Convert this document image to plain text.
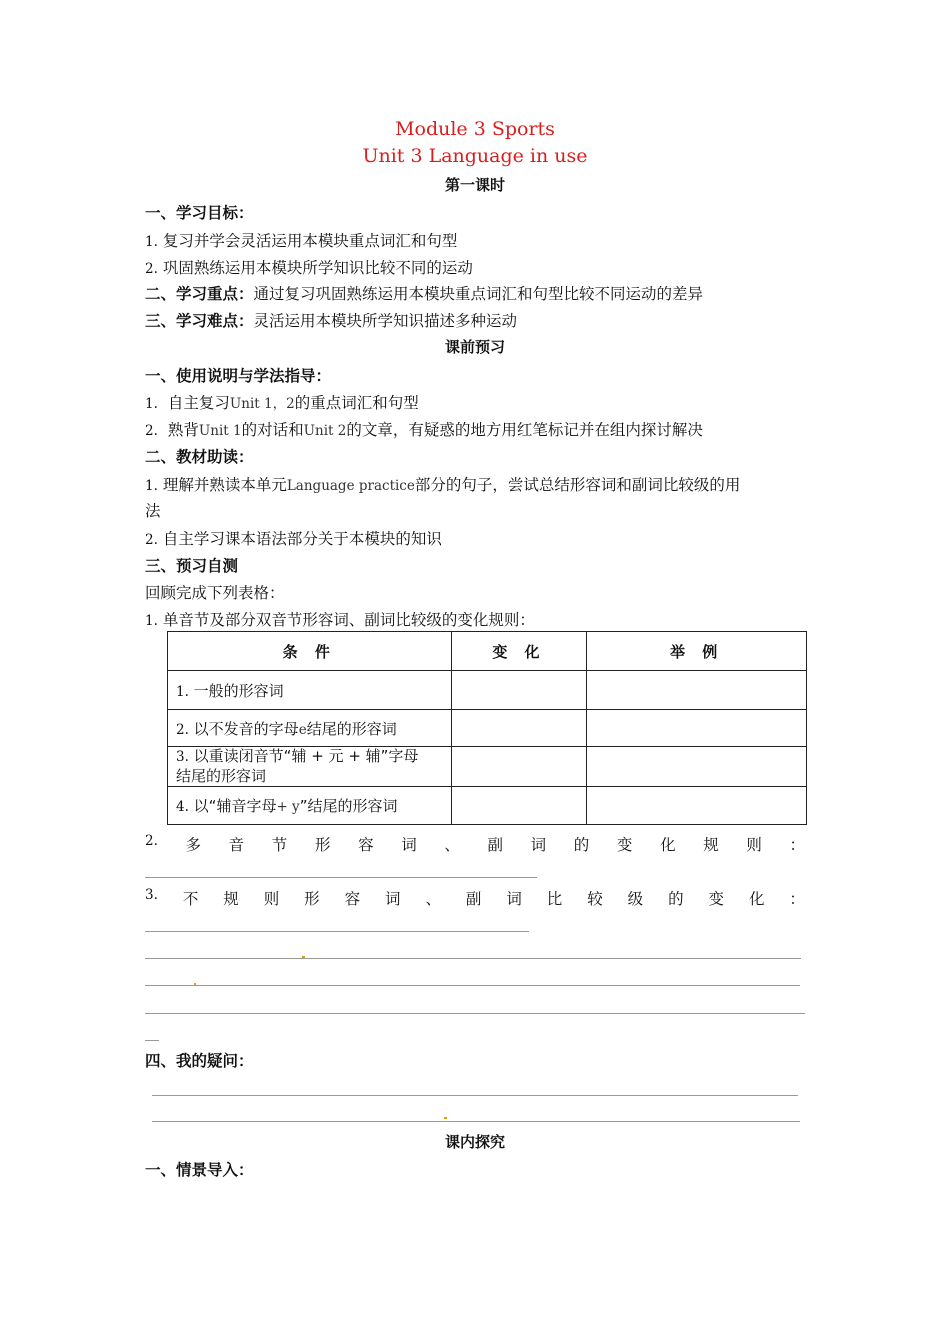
Module 3 Sports
Unit 3 Language in use
第一课时
一、学习目标：
1. 复习并学会灵活运用本模块重点词汇和句型
2. 巩固熟练运用本模块所学知识比较不同的运动
二、学习重点：通过复习巩固熟练运用本模块重点词汇和句型比较不同运动的差异
三、学习难点：灵活运用本模块所学知识描述多种运动
课前预习
一、使用说明与学法指导：
1. 自主复习Unit 1，2的重点词汇和句型
2. 熟背Unit 1的对话和Unit 2的文章，有疑惑的地方用红笔标记并在组内探讨解决
二、教材助读：
1. 理解并熟读本单元Language practice部分的句子，尝试总结形容词和副词比较级的用
法
2. 自主学习课本语法部分关于本模块的知识
三、预习自测
回顾完成下列表格：
1. 单音节及部分双音节形容词、副词比较级的变化规则：
条 件	变 化	举 例
1. 一般的形容词		
2. 以不发音的字母e结尾的形容词		
3. 以重读闭音节“辅 + 元 + 辅”字母
结尾的形容词		
4. 以“辅音字母+ y”结尾的形容词		
2. 多 音 节 形 容 词 、 副 词 的 变 化 规 则 ：
3. 不 规 则 形 容 词 、 副 词 比 较 级 的 变 化 ：
四、我的疑问：
课内探究
一、情景导入：
